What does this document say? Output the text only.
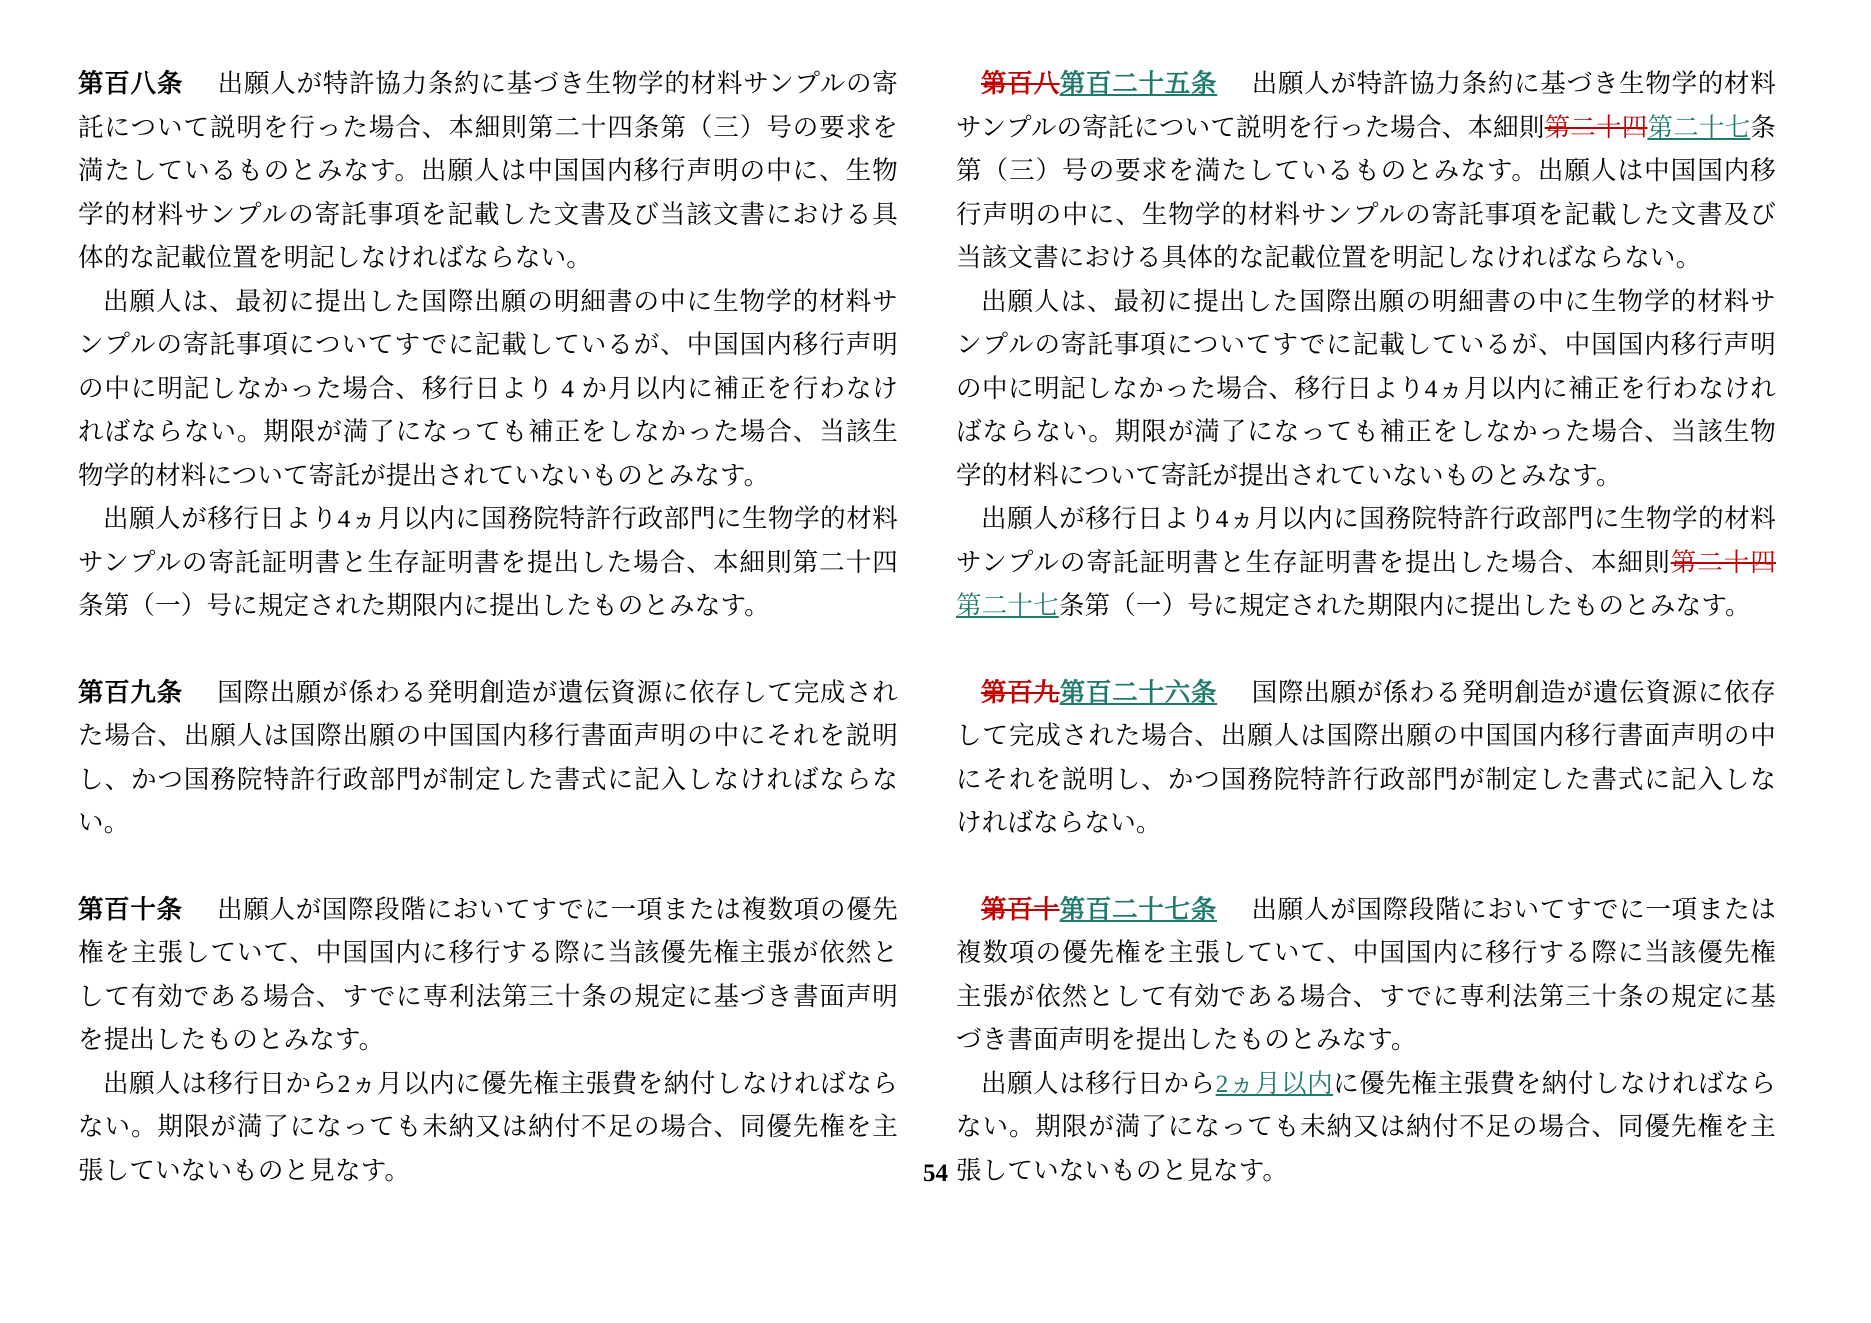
第百八条 出願人が特許協力条約に基づき生物学的材料サンプルの寄託について説明を行った場合、本細則第二十四条第（三）号の要求を満たしているものとみなす。出願人は中国国内移行声明の中に、生物学的材料サンプルの寄託事項を記載した文書及び当該文書における具体的な記載位置を明記しなければならない。

出願人は、最初に提出した国際出願の明細書の中に生物学的材料サンプルの寄託事項についてすでに記載しているが、中国国内移行声明の中に明記しなかった場合、移行日より 4 か月以内に補正を行わなければならない。期限が満了になっても補正をしなかった場合、当該生物学的材料について寄託が提出されていないものとみなす。

出願人が移行日より4ヵ月以内に国務院特許行政部門に生物学的材料サンプルの寄託証明書と生存証明書を提出した場合、本細則第二十四条第（一）号に規定された期限内に提出したものとみなす。

第百九条 国際出願が係わる発明創造が遺伝資源に依存して完成された場合、出願人は国際出願の中国国内移行書面声明の中にそれを説明し、かつ国務院特許行政部門が制定した書式に記入しなければならない。

第百十条 出願人が国際段階においてすでに一項または複数項の優先権を主張していて、中国国内に移行する際に当該優先権主張が依然として有効である場合、すでに専利法第三十条の規定に基づき書面声明を提出したものとみなす。

出願人は移行日から2ヵ月以内に優先権主張費を納付しなければならない。期限が満了になっても未納又は納付不足の場合、同優先権を主張していないものと見なす。

第百八第百二十五条 出願人が特許協力条約に基づき生物学的材料サンプルの寄託について説明を行った場合、本細則第二十四第二十七条第（三）号の要求を満たしているものとみなす。出願人は中国国内移行声明の中に、生物学的材料サンプルの寄託事項を記載した文書及び当該文書における具体的な記載位置を明記しなければならない。

出願人は、最初に提出した国際出願の明細書の中に生物学的材料サンプルの寄託事項についてすでに記載しているが、中国国内移行声明の中に明記しなかった場合、移行日より4ヵ月以内に補正を行わなければならない。期限が満了になっても補正をしなかった場合、当該生物学的材料について寄託が提出されていないものとみなす。

出願人が移行日より4ヵ月以内に国務院特許行政部門に生物学的材料サンプルの寄託証明書と生存証明書を提出した場合、本細則第二十四第二十七条第（一）号に規定された期限内に提出したものとみなす。

第百九第百二十六条 国際出願が係わる発明創造が遺伝資源に依存して完成された場合、出願人は国際出願の中国国内移行書面声明の中にそれを説明し、かつ国務院特許行政部門が制定した書式に記入しなければならない。

第百十第百二十七条 出願人が国際段階においてすでに一項または複数項の優先権を主張していて、中国国内に移行する際に当該優先権主張が依然として有効である場合、すでに専利法第三十条の規定に基づき書面声明を提出したものとみなす。

出願人は移行日から2ヵ月以内に優先権主張費を納付しなければならない。期限が満了になっても未納又は納付不足の場合、同優先権を主張していないものと見なす。

54
